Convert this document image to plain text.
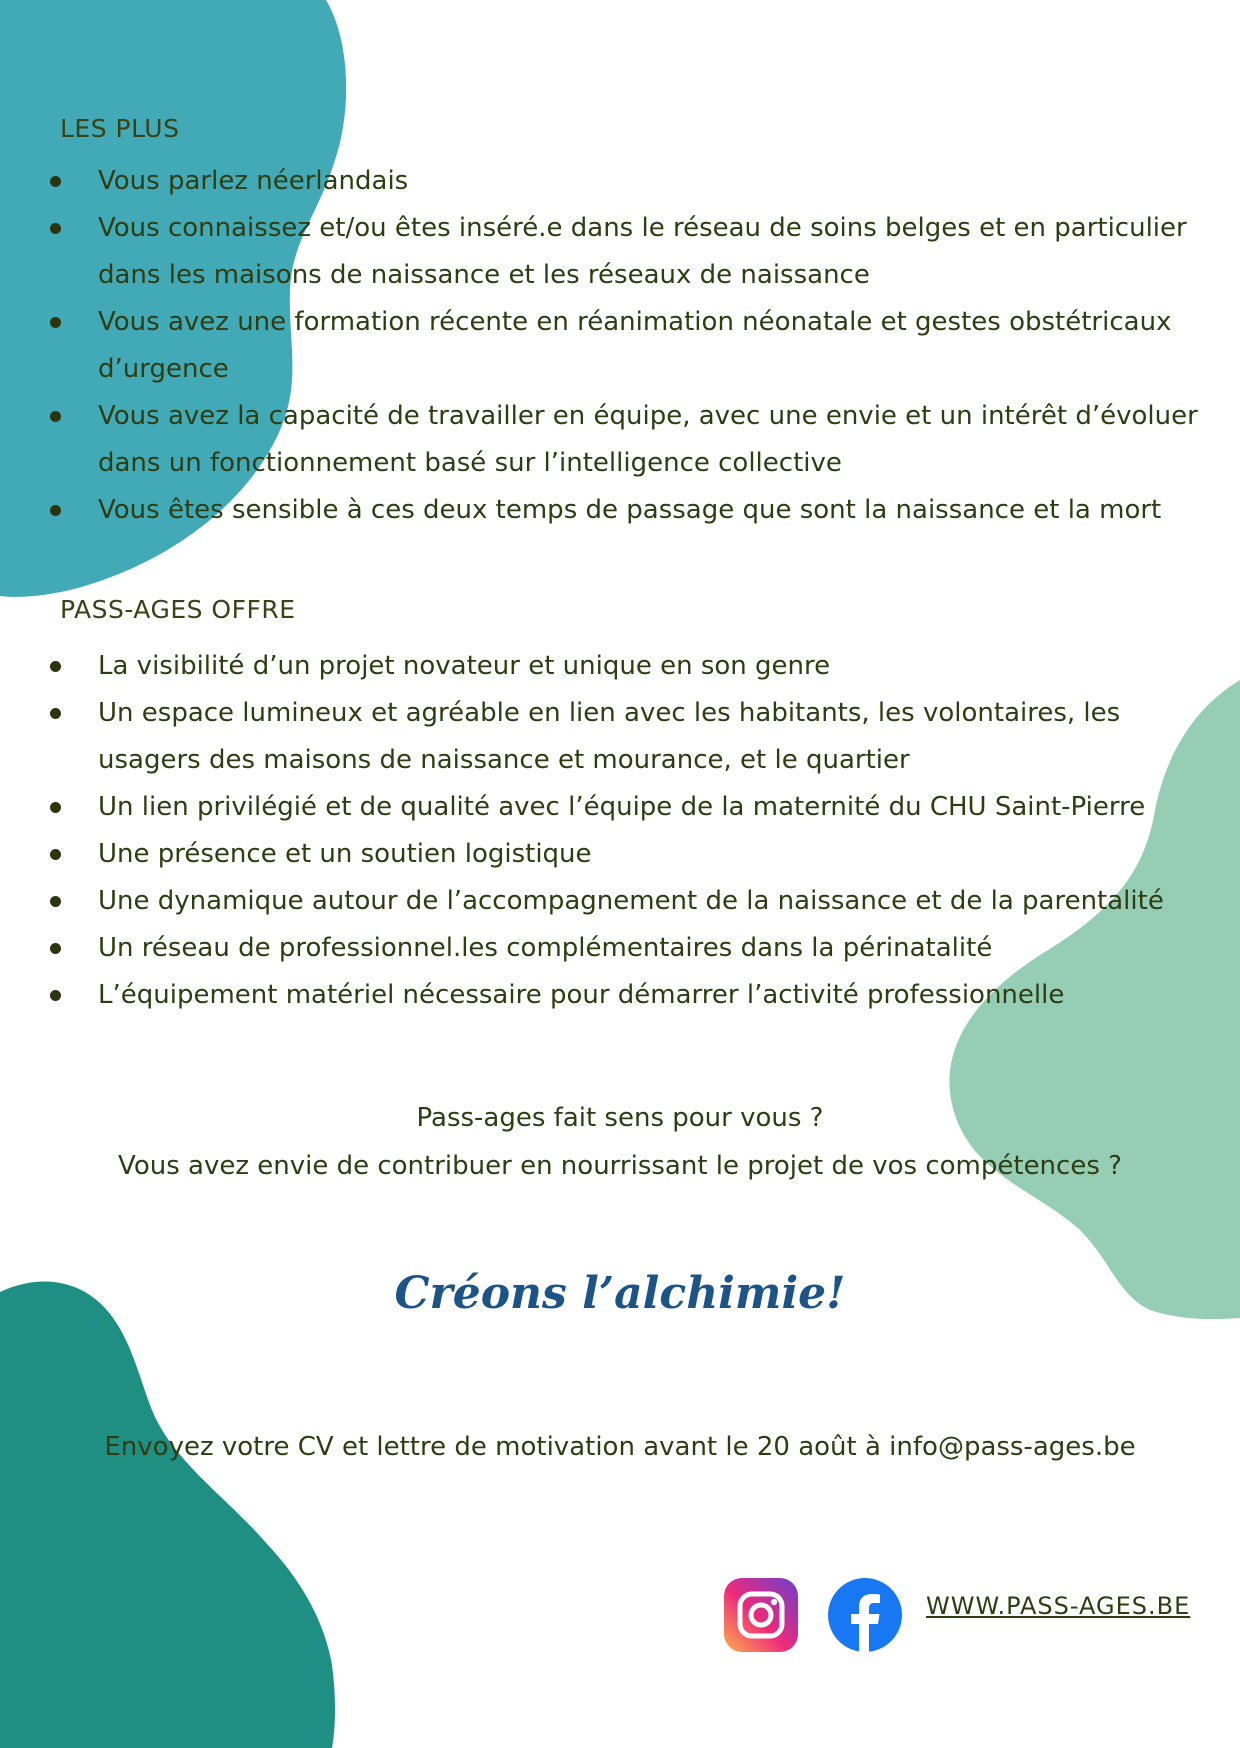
LES PLUS
Vous parlez néerlandais
Vous connaissez et/ou êtes inséré.e dans le réseau de soins belges et en particulier dans les maisons de naissance et les réseaux de naissance
Vous avez une formation récente en réanimation néonatale et gestes obstétricaux d’urgence
Vous avez la capacité de travailler en équipe, avec une envie et un intérêt d’évoluer dans un fonctionnement basé sur l’intelligence collective
Vous êtes sensible à ces deux temps de passage que sont la naissance et la mort
PASS-AGES OFFRE
La visibilité d’un projet novateur et unique en son genre
Un espace lumineux et agréable en lien avec les habitants, les volontaires, les usagers des maisons de naissance et mourance, et le quartier
Un lien privilégié et de qualité avec l’équipe de la maternité du CHU Saint-Pierre
Une présence et un soutien logistique
Une dynamique autour de l’accompagnement de la naissance et de la parentalité
Un réseau de professionnel.les complémentaires dans la périnatalité
L’équipement matériel nécessaire pour démarrer l’activité professionnelle
Pass-ages fait sens pour vous ?
Vous avez envie de contribuer en nourrissant le projet de vos compétences ?
Créons l’alchimie!
Envoyez votre CV et lettre de motivation avant le 20 août à info@pass-ages.be
WWW.PASS-AGES.BE
